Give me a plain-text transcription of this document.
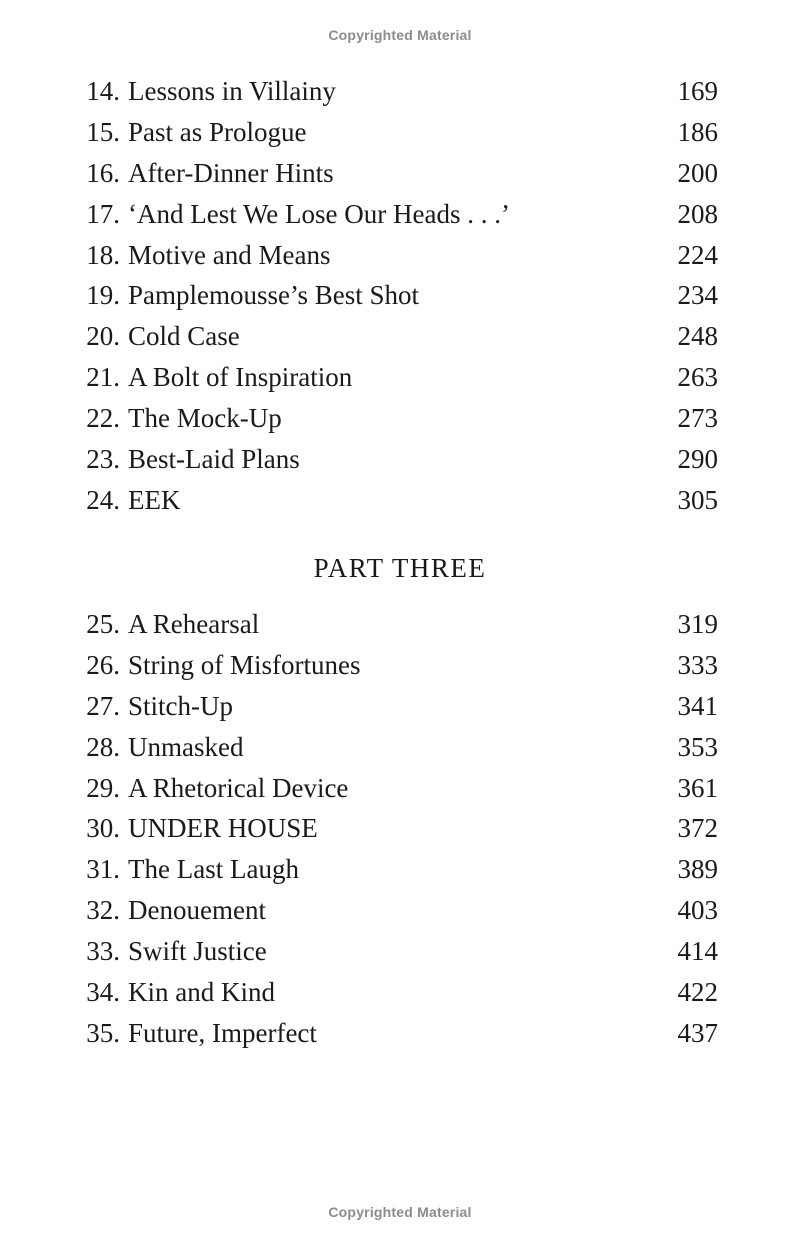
Copyrighted Material
14. Lessons in Villainy	169
15. Past as Prologue	186
16. After-Dinner Hints	200
17. ‘And Lest We Lose Our Heads . . .’	208
18. Motive and Means	224
19. Pamplemousse’s Best Shot	234
20. Cold Case	248
21. A Bolt of Inspiration	263
22. The Mock-Up	273
23. Best-Laid Plans	290
24. EEK	305
PART THREE
25. A Rehearsal	319
26. String of Misfortunes	333
27. Stitch-Up	341
28. Unmasked	353
29. A Rhetorical Device	361
30. UNDER HOUSE	372
31. The Last Laugh	389
32. Denouement	403
33. Swift Justice	414
34. Kin and Kind	422
35. Future, Imperfect	437
Copyrighted Material
